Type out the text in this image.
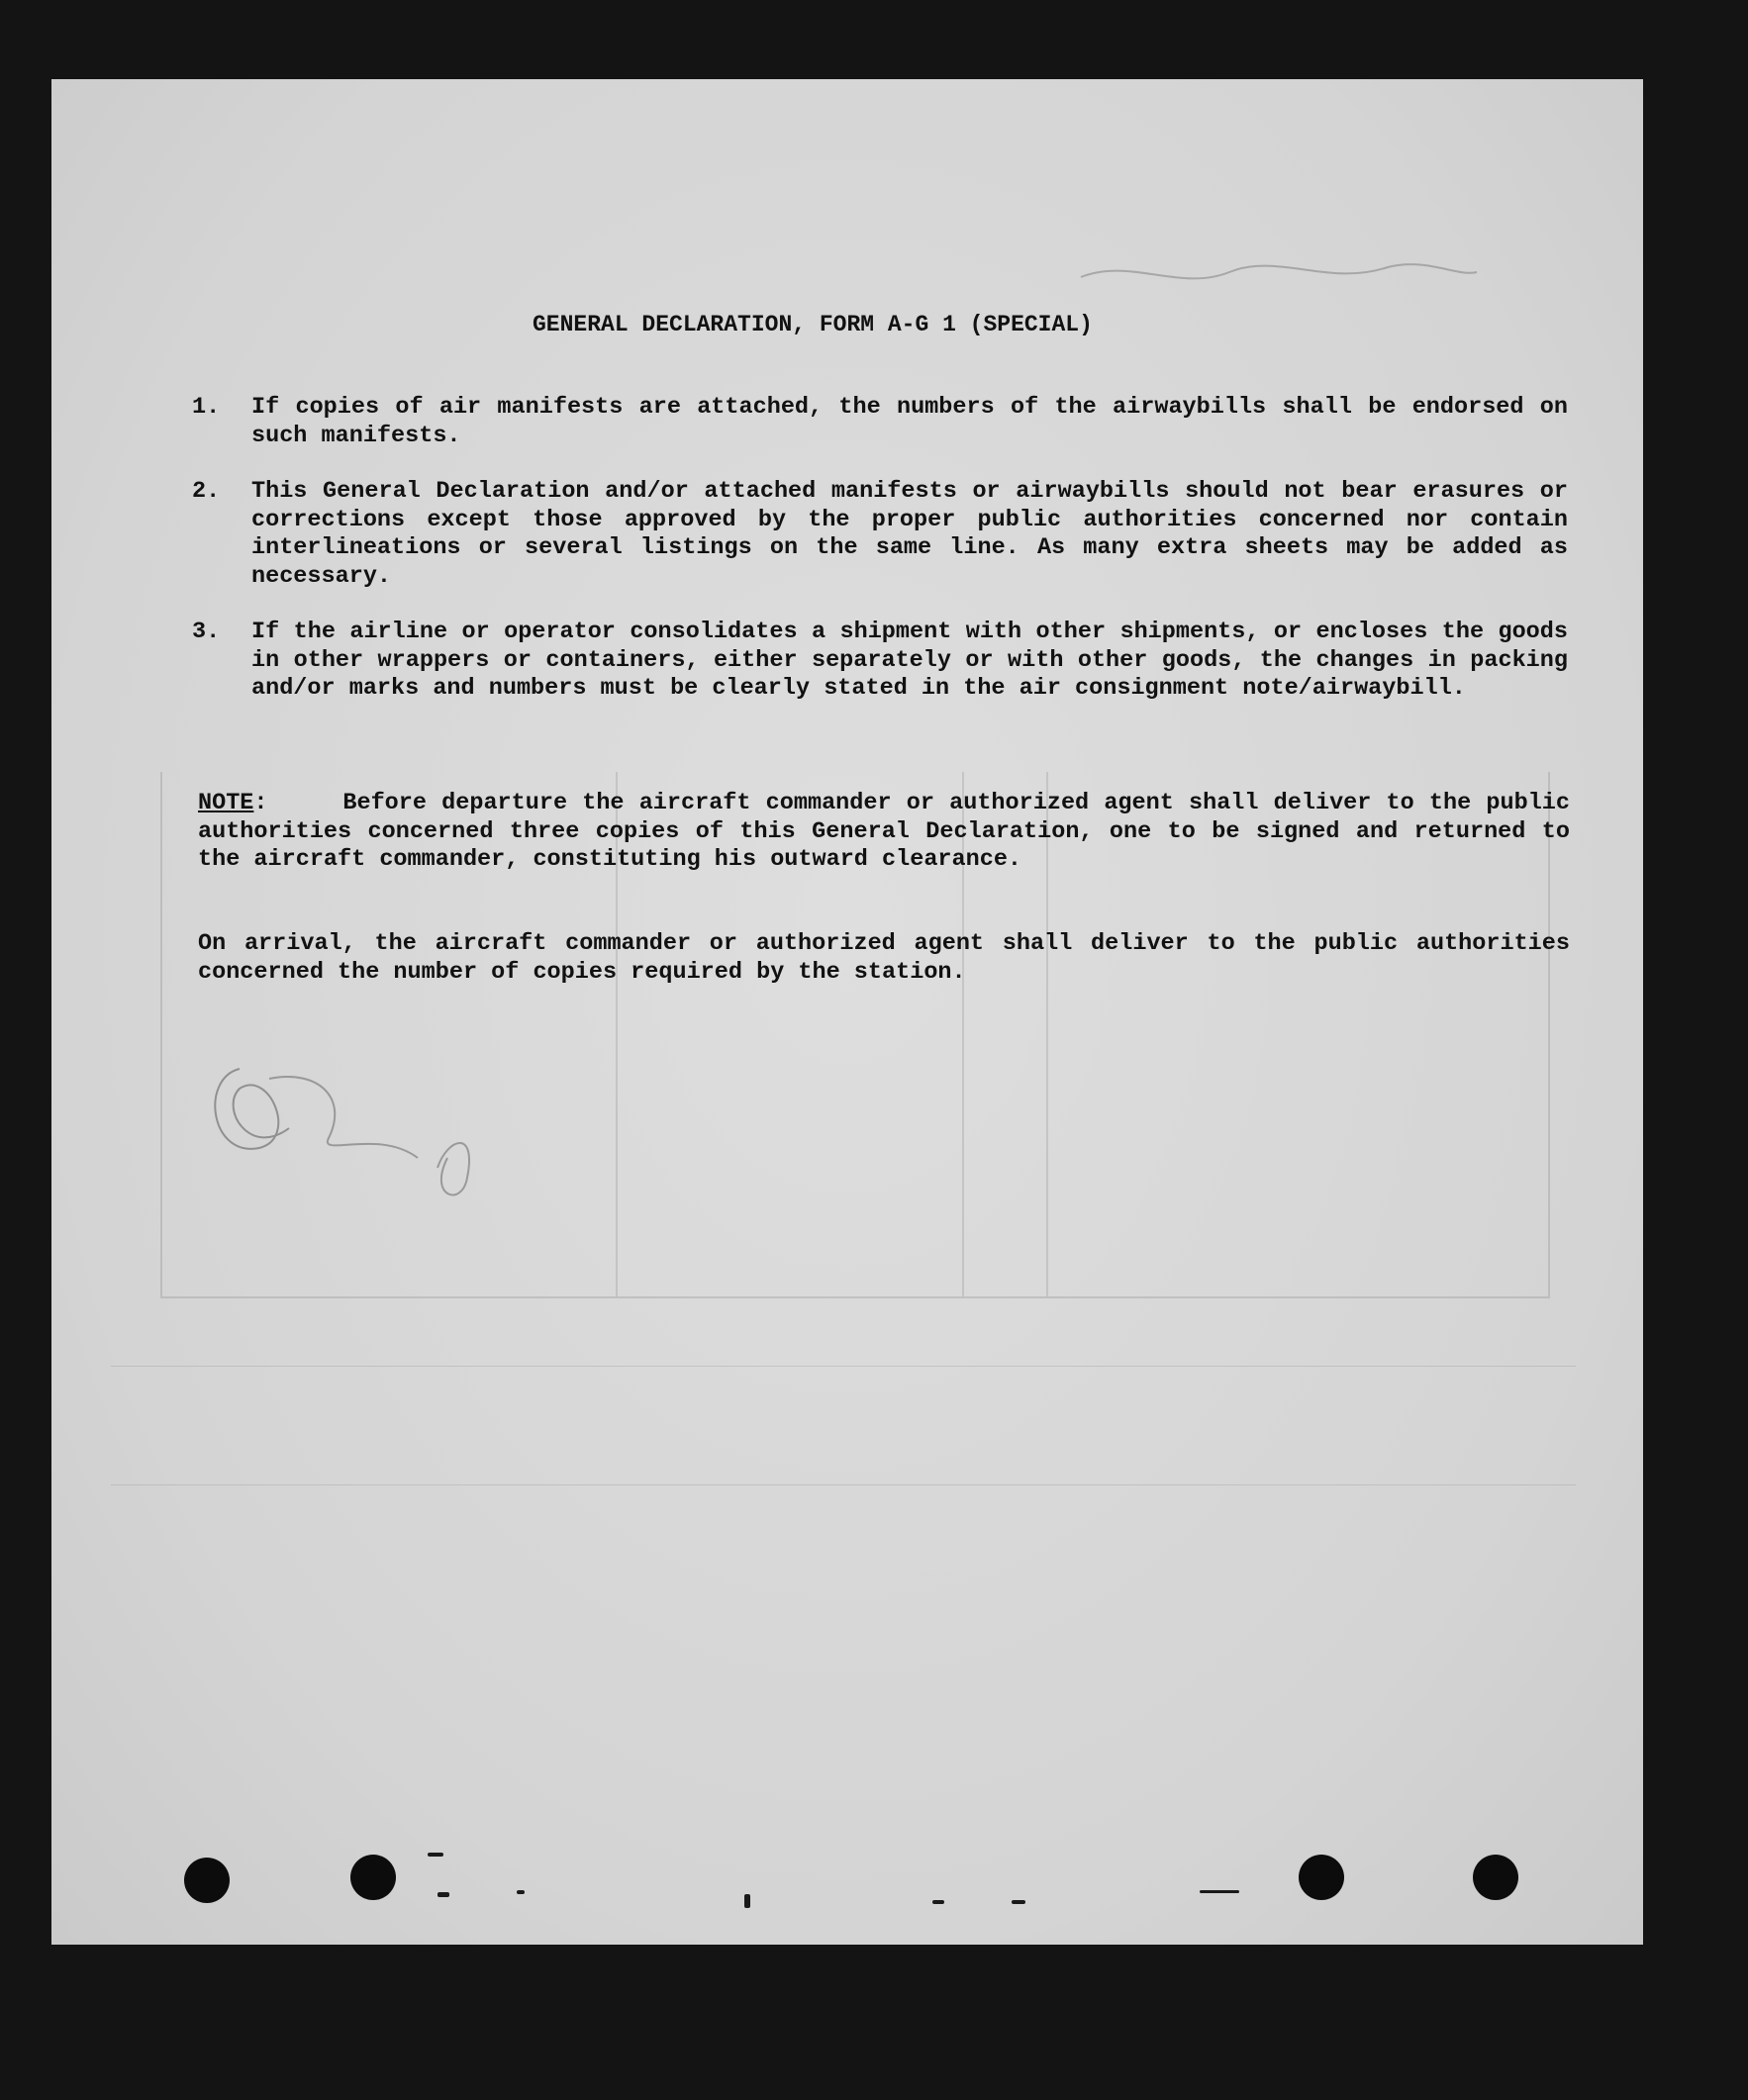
GENERAL DECLARATION, FORM A-G 1 (SPECIAL)
1.	If copies of air manifests are attached, the numbers of the airwaybills shall be endorsed on such manifests.
2.	This General Declaration and/or attached manifests or airwaybills should not bear erasures or corrections except those approved by the proper public authorities concerned nor contain interlineations or several listings on the same line. As many extra sheets may be added as necessary.
3.	If the airline or operator consolidates a shipment with other shipments, or encloses the goods in other wrappers or containers, either separately or with other goods, the changes in packing and/or marks and numbers must be clearly stated in the air consignment note/airwaybill.

NOTE:	Before departure the aircraft commander or authorized agent shall deliver to the public authorities concerned three copies of this General Declaration, one to be signed and returned to the aircraft commander, constituting his outward clearance.

On arrival, the aircraft commander or authorized agent shall deliver to the public authorities concerned the number of copies required by the station.
